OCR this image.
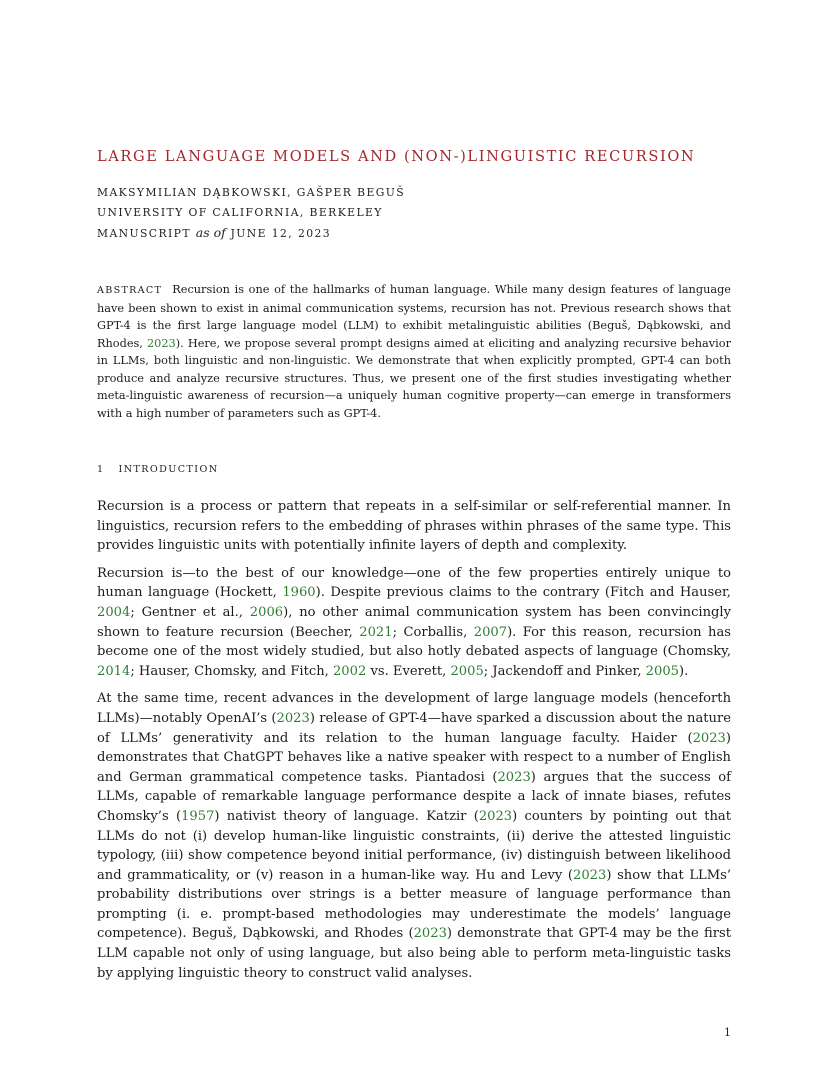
LARGE LANGUAGE MODELS AND (NON-)LINGUISTIC RECURSION
MAKSYMILIAN DĄBKOWSKI, GAŠPER BEGUŠ
UNIVERSITY OF CALIFORNIA, BERKELEY
MANUSCRIPT as of JUNE 12, 2023

ABSTRACT Recursion is one of the hallmarks of human language. While many design features of language have been shown to exist in animal communication systems, recursion has not. Previous research shows that GPT-4 is the first large language model (LLM) to exhibit metalinguistic abilities (Beguš, Dąbkowski, and Rhodes, 2023). Here, we propose several prompt designs aimed at eliciting and analyzing recursive behavior in LLMs, both linguistic and non-linguistic. We demonstrate that when explicitly prompted, GPT-4 can both produce and analyze recursive structures. Thus, we present one of the first studies investigating whether meta-linguistic awareness of recursion—a uniquely human cognitive property—can emerge in transformers with a high number of parameters such as GPT-4.

1 INTRODUCTION

Recursion is a process or pattern that repeats in a self-similar or self-referential manner. In linguistics, recursion refers to the embedding of phrases within phrases of the same type. This provides linguistic units with potentially infinite layers of depth and complexity.

Recursion is—to the best of our knowledge—one of the few properties entirely unique to human language (Hockett, 1960). Despite previous claims to the contrary (Fitch and Hauser, 2004; Gentner et al., 2006), no other animal communication system has been convincingly shown to feature recursion (Beecher, 2021; Corballis, 2007). For this reason, recursion has become one of the most widely studied, but also hotly debated aspects of language (Chomsky, 2014; Hauser, Chomsky, and Fitch, 2002 vs. Everett, 2005; Jackendoff and Pinker, 2005).

At the same time, recent advances in the development of large language models (henceforth LLMs)—notably OpenAI’s (2023) release of GPT-4—have sparked a discussion about the nature of LLMs’ generativity and its relation to the human language faculty. Haider (2023) demonstrates that ChatGPT behaves like a native speaker with respect to a number of English and German grammatical competence tasks. Piantadosi (2023) argues that the success of LLMs, capable of remarkable language performance despite a lack of innate biases, refutes Chomsky’s (1957) nativist theory of language. Katzir (2023) counters by pointing out that LLMs do not (i) develop human-like linguistic constraints, (ii) derive the attested linguistic typology, (iii) show competence beyond initial performance, (iv) distinguish between likelihood and grammaticality, or (v) reason in a human-like way. Hu and Levy (2023) show that LLMs’ probability distributions over strings is a better measure of language performance than prompting (i. e. prompt-based methodologies may underestimate the models’ language competence). Beguš, Dąbkowski, and Rhodes (2023) demonstrate that GPT-4 may be the first LLM capable not only of using language, but also being able to perform meta-linguistic tasks by applying linguistic theory to construct valid analyses.

1
